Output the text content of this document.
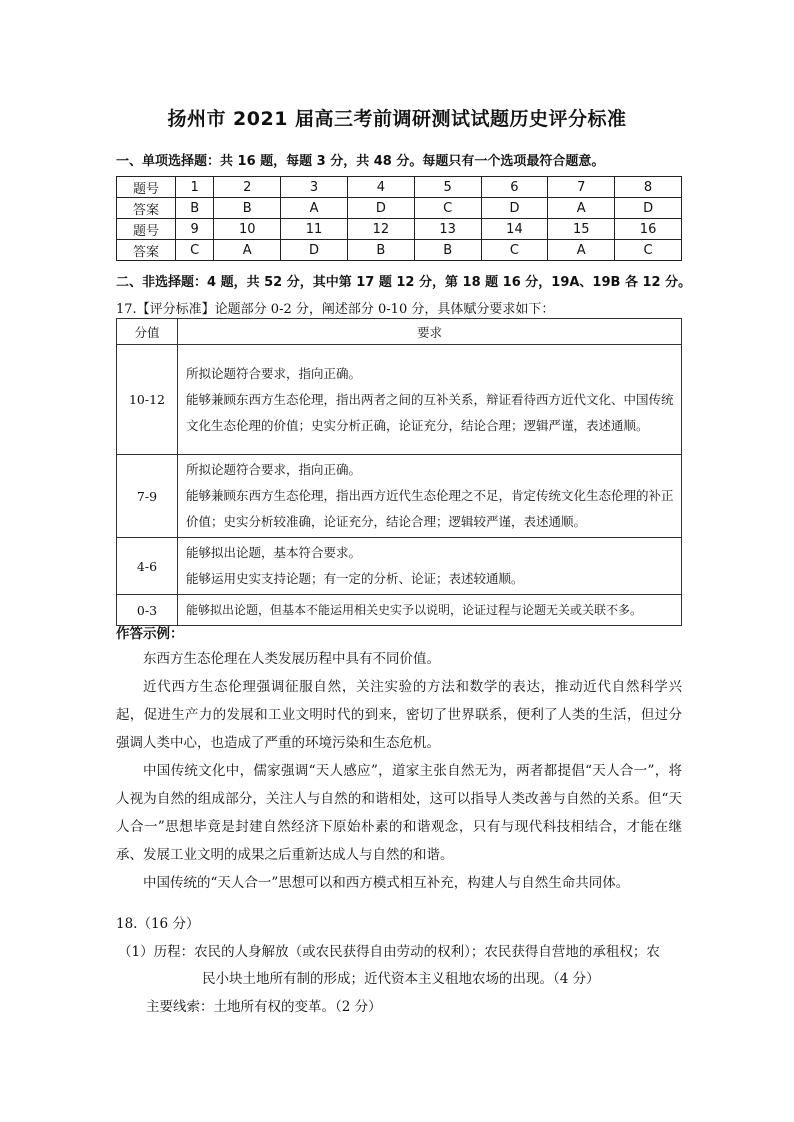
扬州市 2021 届高三考前调研测试试题历史评分标准
一、单项选择题：共 16 题，每题 3 分，共 48 分。每题只有一个选项最符合题意。
题号	1	2	3	4	5	6	7	8
答案	B	B	A	D	C	D	A	D
题号	9	10	11	12	13	14	15	16
答案	C	A	D	B	B	C	A	C
二、非选择题：4 题，共 52 分，其中第 17 题 12 分，第 18 题 16 分，19A、19B 各 12 分。
17.【评分标准】论题部分 0-2 分，阐述部分 0-10 分，具体赋分要求如下：
分值	要求
10-12	所拟论题符合要求，指向正确。
能够兼顾东西方生态伦理，指出两者之间的互补关系，辩证看待西方近代文化、中国传统文化生态伦理的价值；史实分析正确，论证充分，结论合理；逻辑严谨，表述通顺。

7-9	所拟论题符合要求，指向正确。
能够兼顾东西方生态伦理，指出西方近代生态伦理之不足，肯定传统文化生态伦理的补正价值；史实分析较准确，论证充分，结论合理；逻辑较严谨，表述通顺。

4-6	能够拟出论题，基本符合要求。
能够运用史实支持论题；有一定的分析、论证；表述较通顺。

0-3	能够拟出论题，但基本不能运用相关史实予以说明，论证过程与论题无关或关联不多。
作答示例：

东西方生态伦理在人类发展历程中具有不同价值。

近代西方生态伦理强调征服自然，关注实验的方法和数学的表达，推动近代自然科学兴起，促进生产力的发展和工业文明时代的到来，密切了世界联系，便利了人类的生活，但过分强调人类中心，也造成了严重的环境污染和生态危机。

中国传统文化中，儒家强调“天人感应”，道家主张自然无为，两者都提倡“天人合一”，将人视为自然的组成部分，关注人与自然的和谐相处，这可以指导人类改善与自然的关系。但“天人合一”思想毕竟是封建自然经济下原始朴素的和谐观念，只有与现代科技相结合，才能在继承、发展工业文明的成果之后重新达成人与自然的和谐。

中国传统的“天人合一”思想可以和西方模式相互补充，构建人与自然生命共同体。

18.（16 分）
（1）历程：农民的人身解放（或农民获得自由劳动的权利）；农民获得自营地的承租权；农
民小块土地所有制的形成；近代资本主义租地农场的出现。（4 分）
主要线索：土地所有权的变革。（2 分）
